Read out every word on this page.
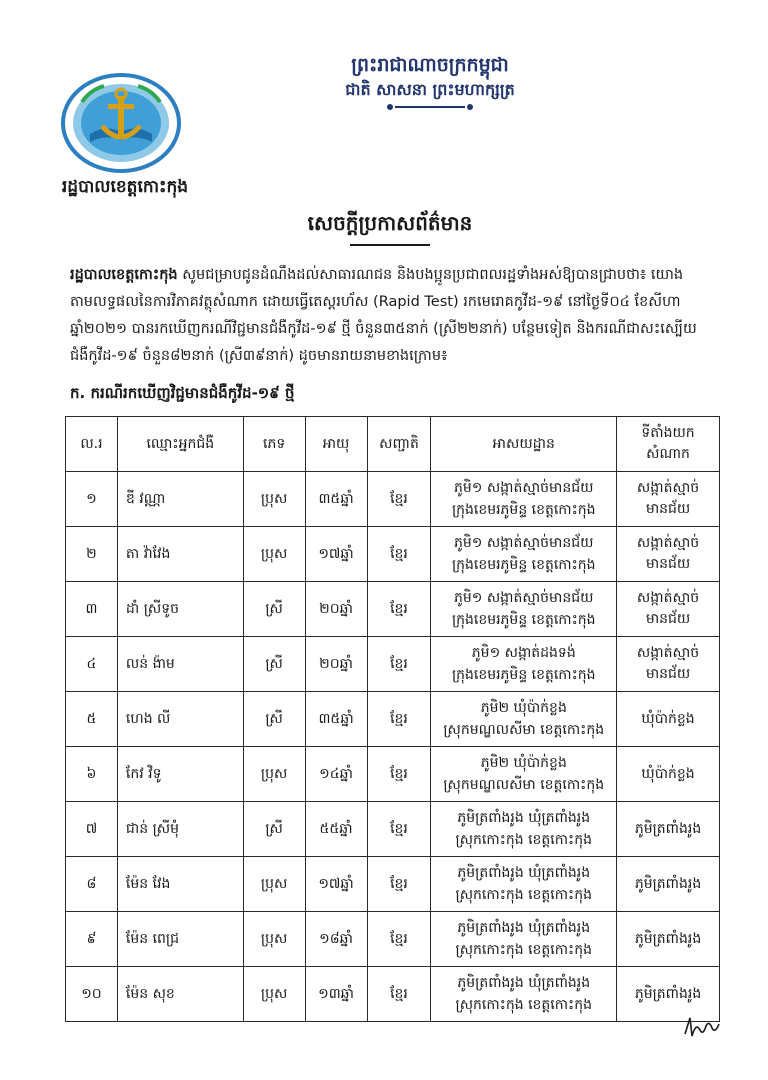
រដ្ឋបាលខេត្តកោះកុង
ព្រះរាជាណាចក្រកម្ពុជា
ជាតិ សាសនា ព្រះមហាក្សត្រ
សេចក្តីប្រកាសព័ត៌មាន
រដ្ឋបាលខេត្តកោះកុង សូមជម្រាបជូនដំណឹងដល់សាធារណជន និងបងប្អូនប្រជាពលរដ្ឋទាំងអស់ឱ្យបានជ្រាបថា៖ យោងតាមលទ្ធផលនៃការវិភាគវត្ថុសំណាក ដោយធ្វើតេស្តរហ័ស (Rapid Test) រកមេរោគកូវីដ-១៩ នៅថ្ងៃទី០៤ ខែសីហា ឆ្នាំ២០២១ បានរកឃើញករណីវិជ្ជមានជំងឺកូវីដ-១៩ ថ្មី ចំនួន៣៥នាក់ (ស្រី២២នាក់) បន្ថែមទៀត និងករណីជាសះស្បើយជំងឺកូវីដ-១៩ ចំនួន៨២នាក់ (ស្រី៣៩នាក់) ដូចមានរាយនាមខាងក្រោម៖
ក. ករណីរកឃើញវិជ្ជមានជំងឺកូវីដ-១៩ ថ្មី
ល.រ	ឈ្មោះអ្នកជំងឺ	ភេទ	អាយុ	សញ្ជាតិ	អាសយដ្ឋាន	ទីតាំងយកសំណាក
១	ឌី វណ្ណា	ប្រុស	៣៥ឆ្នាំ	ខ្មែរ	ភូមិ១ សង្កាត់ស្មាច់មានជ័យ
ក្រុងខេមរភូមិន្ទ ខេត្តកោះកុង	សង្កាត់ស្មាច់មានជ័យ
២	តា វ៉ាវែង	ប្រុស	១៧ឆ្នាំ	ខ្មែរ	ភូមិ១ សង្កាត់ស្មាច់មានជ័យ
ក្រុងខេមរភូមិន្ទ ខេត្តកោះកុង	សង្កាត់ស្មាច់មានជ័យ
៣	ដាំ ស្រីទូច	ស្រី	២០ឆ្នាំ	ខ្មែរ	ភូមិ១ សង្កាត់ស្មាច់មានជ័យ
ក្រុងខេមរភូមិន្ទ ខេត្តកោះកុង	សង្កាត់ស្មាច់មានជ័យ
៤	លន់ ង៉ាម	ស្រី	២០ឆ្នាំ	ខ្មែរ	ភូមិ១ សង្កាត់ដងទង់
ក្រុងខេមរភូមិន្ទ ខេត្តកោះកុង	សង្កាត់ស្មាច់មានជ័យ
៥	ហេង លី	ស្រី	៣៥ឆ្នាំ	ខ្មែរ	ភូមិ២ ឃុំប៉ាក់ខ្លង
ស្រុកមណ្ឌលសីមា ខេត្តកោះកុង	ឃុំប៉ាក់ខ្លង
៦	កែវ វិទូ	ប្រុស	១៤ឆ្នាំ	ខ្មែរ	ភូមិ២ ឃុំប៉ាក់ខ្លង
ស្រុកមណ្ឌលសីមា ខេត្តកោះកុង	ឃុំប៉ាក់ខ្លង
៧	ជាន់ ស្រីមុំ	ស្រី	៥៥ឆ្នាំ	ខ្មែរ	ភូមិត្រពាំងរូង ឃុំត្រពាំងរូង
ស្រុកកោះកុង ខេត្តកោះកុង	ភូមិត្រពាំងរូង
៨	ម៉ែន វែង	ប្រុស	១៧ឆ្នាំ	ខ្មែរ	ភូមិត្រពាំងរូង ឃុំត្រពាំងរូង
ស្រុកកោះកុង ខេត្តកោះកុង	ភូមិត្រពាំងរូង
៩	ម៉ែន ពេជ្រ	ប្រុស	១៨ឆ្នាំ	ខ្មែរ	ភូមិត្រពាំងរូង ឃុំត្រពាំងរូង
ស្រុកកោះកុង ខេត្តកោះកុង	ភូមិត្រពាំងរូង
១០	ម៉ែន សុខ	ប្រុស	១៣ឆ្នាំ	ខ្មែរ	ភូមិត្រពាំងរូង ឃុំត្រពាំងរូង
ស្រុកកោះកុង ខេត្តកោះកុង	ភូមិត្រពាំងរូង
